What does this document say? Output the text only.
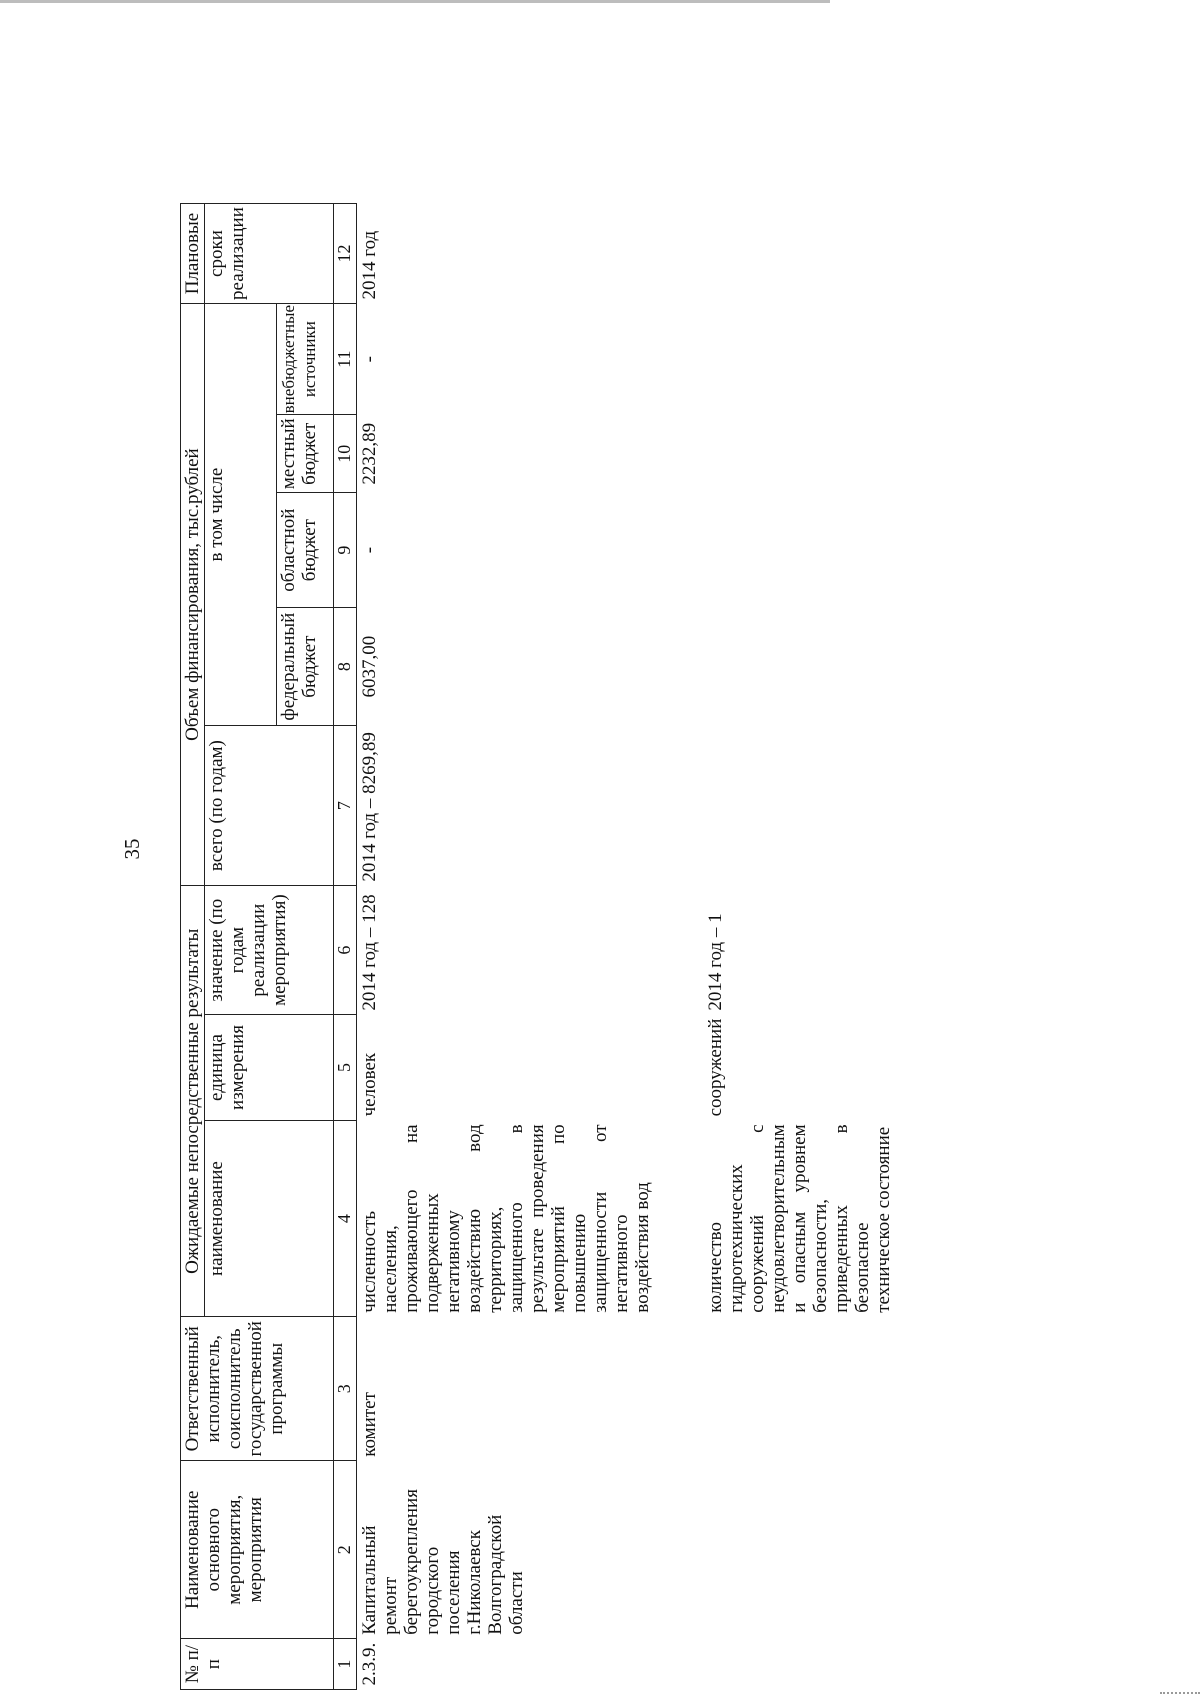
35
№ п/п	Наименование основного мероприятия, мероприятия	Ответственный исполнитель, соисполнитель государственной программы	Ожидаемые непосредственные результаты			Объем финансирования, тыс.рублей					Плановые
			наименование	единица измерения	значение (по годам реализации мероприятия)	всего (по годам)	в том числе				сроки реализации
							федеральный бюджет	областной бюджет	местный бюджет	внебюджетные источники	
1	2	3	4	5	6	7	8	9	10	11	12
2.3.9.	Капитальный ремонт берегоукрепления городского поселения г.Николаевск Волгоградской области	комитет	численность населения, проживающего на подверженных негативному воздействию вод территориях, защищенного в результате проведения мероприятий по повышению защищенности от негативного воздействия вод	человек	2014 год – 128	2014 год – 8269,89	6037,00	-	2232,89	-	2014 год

			количество гидротехнических сооружений с неудовлетворительным и опасным уровнем безопасности, приведенных в безопасное техническое состояние	сооружений	2014 год – 1						
